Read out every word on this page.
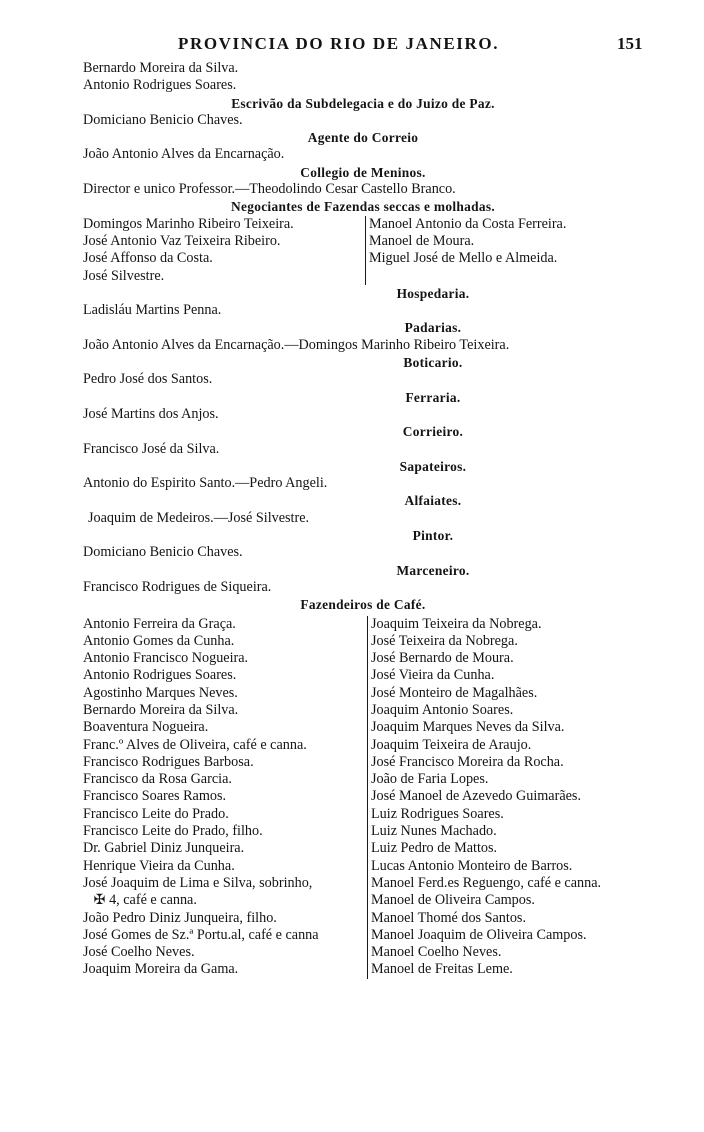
PROVINCIA DO RIO DE JANEIRO.	151
Bernardo Moreira da Silva.
Antonio Rodrigues Soares.
Escrivão da Subdelegacia e do Juizo de Paz.
Domiciano Benicio Chaves.
Agente do Correio
João Antonio Alves da Encarnação.
Collegio de Meninos.
Director e unico Professor.—Theodolindo Cesar Castello Branco.
Negociantes de Fazendas seccas e molhadas.
Domingos Marinho Ribeiro Teixeira.
José Antonio Vaz Teixeira Ribeiro.
José Affonso da Costa.
José Silvestre.
Manoel Antonio da Costa Ferreira.
Manoel de Moura.
Miguel José de Mello e Almeida.
Hospedaria.
Ladisláu Martins Penna.
Padarias.
João Antonio Alves da Encarnação.—Domingos Marinho Ribeiro Teixeira.
Boticario.
Pedro José dos Santos.
Ferraria.
José Martins dos Anjos.
Corrieiro.
Francisco José da Silva.
Sapateiros.
Antonio do Espirito Santo.—Pedro Angeli.
Alfaiates.
Joaquim de Medeiros.—José Silvestre.
Pintor.
Domiciano Benicio Chaves.
Marceneiro.
Francisco Rodrigues de Siqueira.
Fazendeiros de Café.
Antonio Ferreira da Graça.
Antonio Gomes da Cunha.
Antonio Francisco Nogueira.
Antonio Rodrigues Soares.
Agostinho Marques Neves.
Bernardo Moreira da Silva.
Boaventura Nogueira.
Franc.º Alves de Oliveira, café e canna.
Francisco Rodrigues Barbosa.
Francisco da Rosa Garcia.
Francisco Soares Ramos.
Francisco Leite do Prado.
Francisco Leite do Prado, filho.
Dr. Gabriel Diniz Junqueira.
Henrique Vieira da Cunha.
José Joaquim de Lima e Silva, sobrinho,
✠ 4, café e canna.
João Pedro Diniz Junqueira, filho.
José Gomes de Sz.ª Portu.al, café e canna
José Coelho Neves.
Joaquim Moreira da Gama.
Joaquim Teixeira da Nobrega.
José Teixeira da Nobrega.
José Bernardo de Moura.
José Vieira da Cunha.
José Monteiro de Magalhães.
Joaquim Antonio Soares.
Joaquim Marques Neves da Silva.
Joaquim Teixeira de Araujo.
José Francisco Moreira da Rocha.
João de Faria Lopes.
José Manoel de Azevedo Guimarães.
Luiz Rodrigues Soares.
Luiz Nunes Machado.
Luiz Pedro de Mattos.
Lucas Antonio Monteiro de Barros.
Manoel Ferd.es Reguengo, café e canna.
Manoel de Oliveira Campos.
Manoel Thomé dos Santos.
Manoel Joaquim de Oliveira Campos.
Manoel Coelho Neves.
Manoel de Freitas Leme.
